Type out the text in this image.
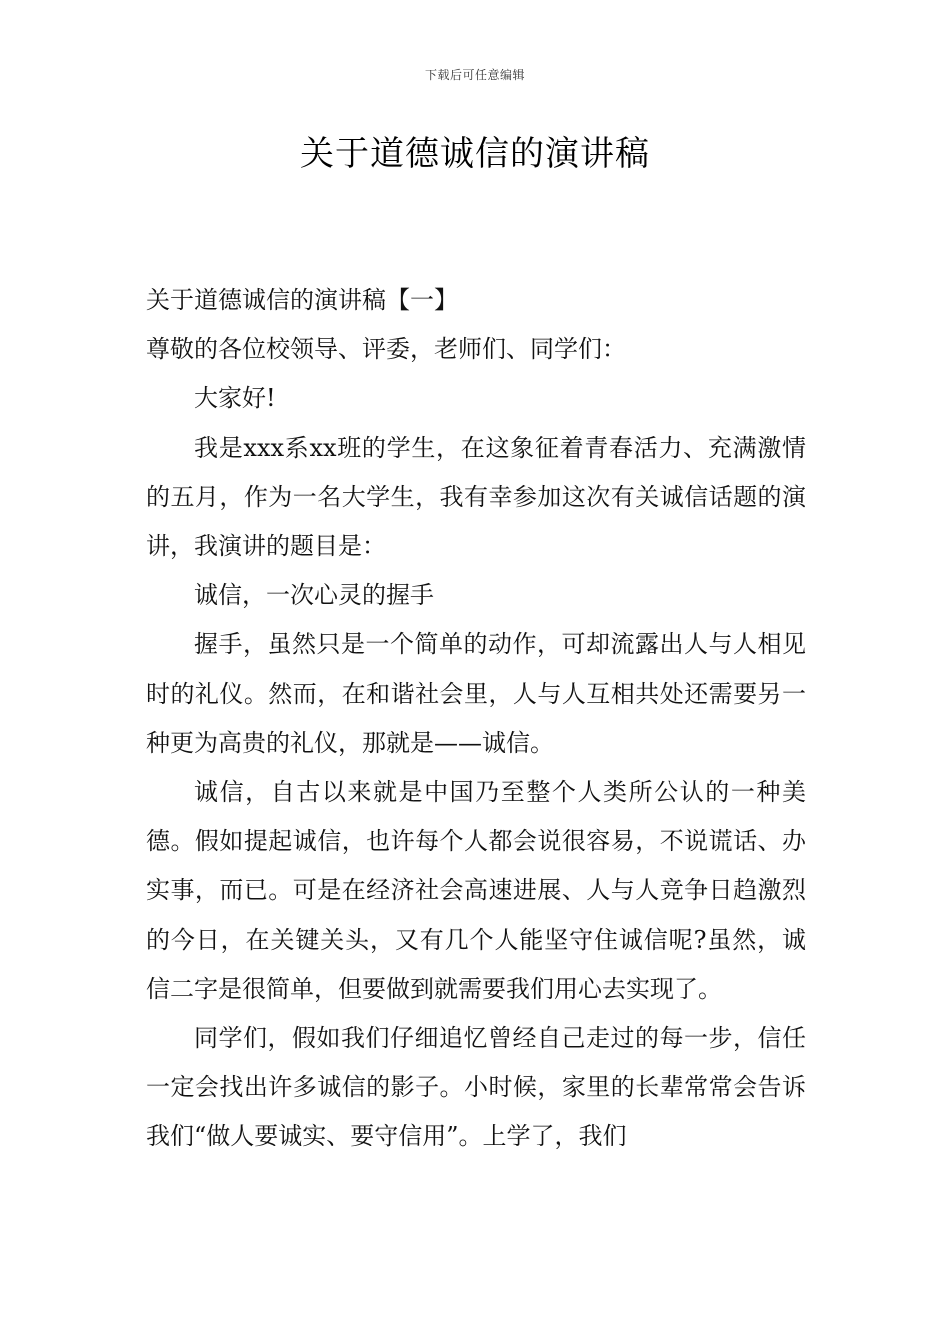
下载后可任意编辑
关于道德诚信的演讲稿

关于道德诚信的演讲稿【一】

尊敬的各位校领导、评委，老师们、同学们：

大家好!

我是xxx系xx班的学生，在这象征着青春活力、充满激情的五月，作为一名大学生，我有幸参加这次有关诚信话题的演讲，我演讲的题目是：

诚信，一次心灵的握手

握手，虽然只是一个简单的动作，可却流露出人与人相见时的礼仪。然而，在和谐社会里，人与人互相共处还需要另一种更为高贵的礼仪，那就是——诚信。

诚信，自古以来就是中国乃至整个人类所公认的一种美德。假如提起诚信，也许每个人都会说很容易，不说谎话、办实事，而已。可是在经济社会高速进展、人与人竞争日趋激烈的今日，在关键关头，又有几个人能坚守住诚信呢?虽然，诚信二字是很简单，但要做到就需要我们用心去实现了。

同学们，假如我们仔细追忆曾经自己走过的每一步，信任一定会找出许多诚信的影子。小时候，家里的长辈常常会告诉我们“做人要诚实、要守信用”。上学了，我们
